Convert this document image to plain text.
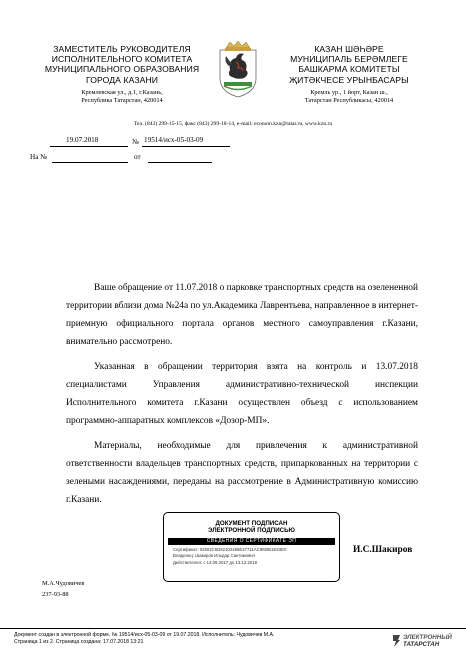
ЗАМЕСТИТЕЛЬ РУКОВОДИТЕЛЯ
ИСПОЛНИТЕЛЬНОГО КОМИТЕТА
МУНИЦИПАЛЬНОГО ОБРАЗОВАНИЯ
ГОРОДА КАЗАНИ
Кремлевская ул., д.1, г.Казань,
Республика Татарстан, 420014
КАЗАН ШӘҺӘРЕ
МУНИЦИПАЛЬ БЕРӘМЛЕГЕ
БАШКАРМА КОМИТЕТЫ
ҖИТӘКЧЕСЕ УРЫНБАСАРЫ
Кремль ур., 1 йорт, Казан ш.,
Татарстан Республикасы, 420014
Тел. (843) 299-15-15, факс (843) 299-18-14, e-mail: econom.kzn@tatar.ru, www.kzn.ru
19.07.2018	№ 19514/исх-05-03-09
На №	от

Ваше обращение от 11.07.2018 о парковке транспортных средств на озелененной территории вблизи дома №24а по ул.Академика Лаврентьева, направленное в интернет-приемную официального портала органов местного самоуправления г.Казани, внимательно рассмотрено.

Указанная в обращении территория взята на контроль и 13.07.2018 специалистами Управления административно-технической инспекции Исполнительного комитета г.Казани осуществлен объезд с использованием программно-аппаратных комплексов «Дозор-МП».

Материалы, необходимые для привлечения к административной ответственности владельцев транспортных средств, припаркованных на территории с зелеными насаждениями, переданы на рассмотрение в Административную комиссию г.Казани.

ДОКУМЕНТ ПОДПИСАН
ЭЛЕКТРОННОЙ ПОДПИСЬЮ
СВЕДЕНИЯ О СЕРТИФИКАТЕ ЭП
Сертификат: 02502C6D62102486E47711AC9M0B1E83E0
Владелец: Шакиров Ильдар Сантимович
Действителен: с 13.09.2017 до 13.12.2018
И.С.Шакиров
М.А.Чудовичев
237-93-88
Документ создан в электронной форме. № 19514/исх-05-03-09 от 19.07.2018. Исполнитель: Чудовичев М.А.
Страница 1 из 2. Страница создана: 17.07.2018 13:21
ЭЛЕКТРОННЫЙ
ТАТАРСТАН
